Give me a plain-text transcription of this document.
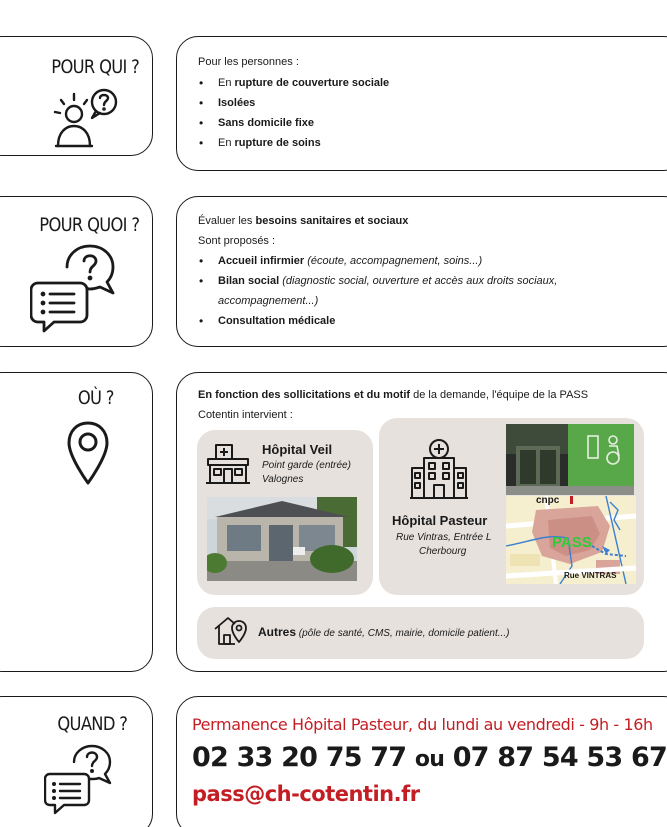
POUR QUI ?	Pour les personnes :
• En rupture de couverture sociale
• Isolées
• Sans domicile fixe
• En rupture de soins
POUR QUOI ?	Évaluer les besoins sanitaires et sociaux
Sont proposés :
• Accueil infirmier (écoute, accompagnement, soins...)
• Bilan social (diagnostic social, ouverture et accès aux droits sociaux,
accompagnement...)
• Consultation médicale
OÙ ?	En fonction des sollicitations et du motif de la demande, l'équipe de la PASS
Cotentin intervient :
Hôpital Veil
Point garde (entrée)
Valognes
Hôpital Pasteur
Rue Vintras, Entrée L
Cherbourg
cnpc
PASS
Rue VINTRAS
Autres (pôle de santé, CMS, mairie, domicile patient...)
QUAND ?	Permanence Hôpital Pasteur, du lundi au vendredi - 9h - 16h
02 33 20 75 77 ou 07 87 54 53 67
pass@ch-cotentin.fr
